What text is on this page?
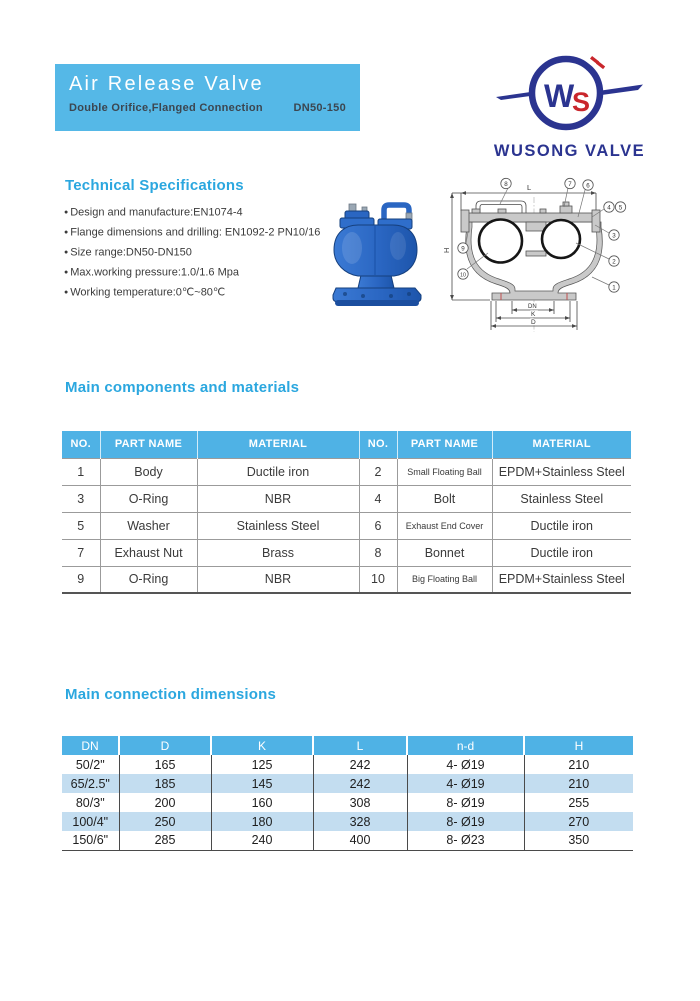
Air Release Valve
Double Orifice,Flanged Connection	DN50-150	W
S
WUSONG VALVE
Technical Specifications
● Design and manufacture:EN1074-4
● Flange dimensions and drilling: EN1092-2 PN10/16
● Size range:DN50-DN150
● Max.working pressure:1.0/1.6 Mpa
● Working temperature:0℃~80℃
L
H
DN
K
D
1
2
3
4 5
6
7
8
9
10
Main components and materials
NO.	PART NAME	MATERIAL	NO.	PART NAME	MATERIAL
1	Body	Ductile iron	2	Small Floating Ball	EPDM+Stainless Steel
3	O-Ring	NBR	4	Bolt	Stainless Steel
5	Washer	Stainless Steel	6	Exhaust End Cover	Ductile iron
7	Exhaust Nut	Brass	8	Bonnet	Ductile iron
9	O-Ring	NBR	10	Big Floating Ball	EPDM+Stainless Steel
Main connection dimensions
DN	D	K	L	n-d	H
50/2"	165	125	242	4- Ø19	210
65/2.5"	185	145	242	4- Ø19	210
80/3"	200	160	308	8- Ø19	255
100/4"	250	180	328	8- Ø19	270
150/6"	285	240	400	8- Ø23	350
